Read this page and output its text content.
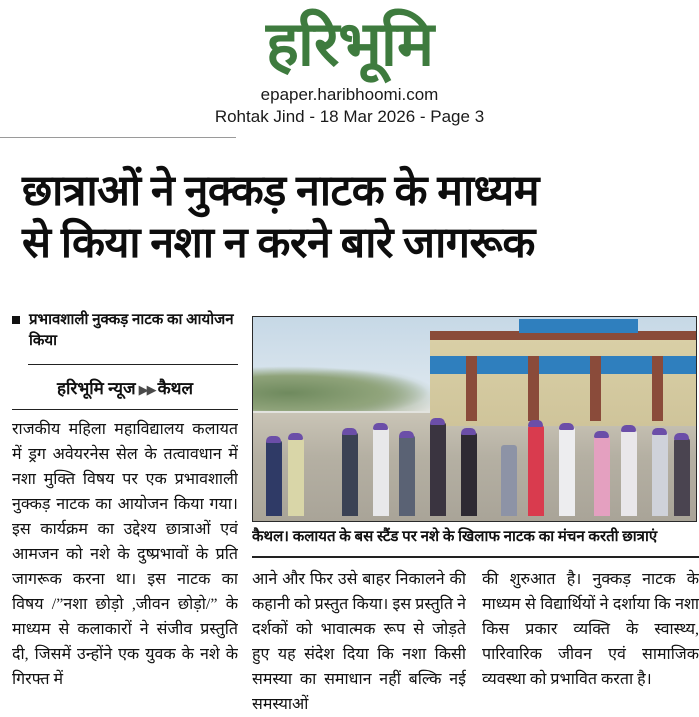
हरिभूमि
epaper.haribhoomi.com
Rohtak Jind - 18 Mar 2026 - Page 3
छात्राओं ने नुक्कड़ नाटक के माध्यम
से किया नशा न करने बारे जागरूक
प्रभावशाली नुक्कड़ नाटक का आयोजन किया
हरिभूमि न्यूज ▶▶ कैथल
राजकीय महिला महाविद्यालय कलायत में ड्रग अवेयरनेस सेल के तत्वावधान में नशा मुक्ति विषय पर एक प्रभावशाली नुक्कड़ नाटक का आयोजन किया गया। इस कार्यक्रम का उद्देश्य छात्राओं एवं आमजन को नशे के दुष्प्रभावों के प्रति जागरूक करना था। इस नाटक का विषय /”नशा छोड़ो ,जीवन छोड़ो/” के माध्यम से कलाकारों ने संजीव प्रस्तुति दी, जिसमें उन्होंने एक युवक के नशे के गिरफ्त में
कैथल। कलायत के बस स्टैंड पर नशे के खिलाफ नाटक का मंचन करती छात्राएं
आने और फिर उसे बाहर निकालने की कहानी को प्रस्तुत किया। इस प्रस्तुति ने दर्शकों को भावात्मक रूप से जोड़ते हुए यह संदेश दिया कि नशा किसी समस्या का समाधान नहीं बल्कि नई समस्याओं
की शुरुआत है। नुक्कड़ नाटक के माध्यम से विद्यार्थियों ने दर्शाया कि नशा किस प्रकार व्यक्ति के स्वास्थ्य, पारिवारिक जीवन एवं सामाजिक व्यवस्था को प्रभावित करता है।
